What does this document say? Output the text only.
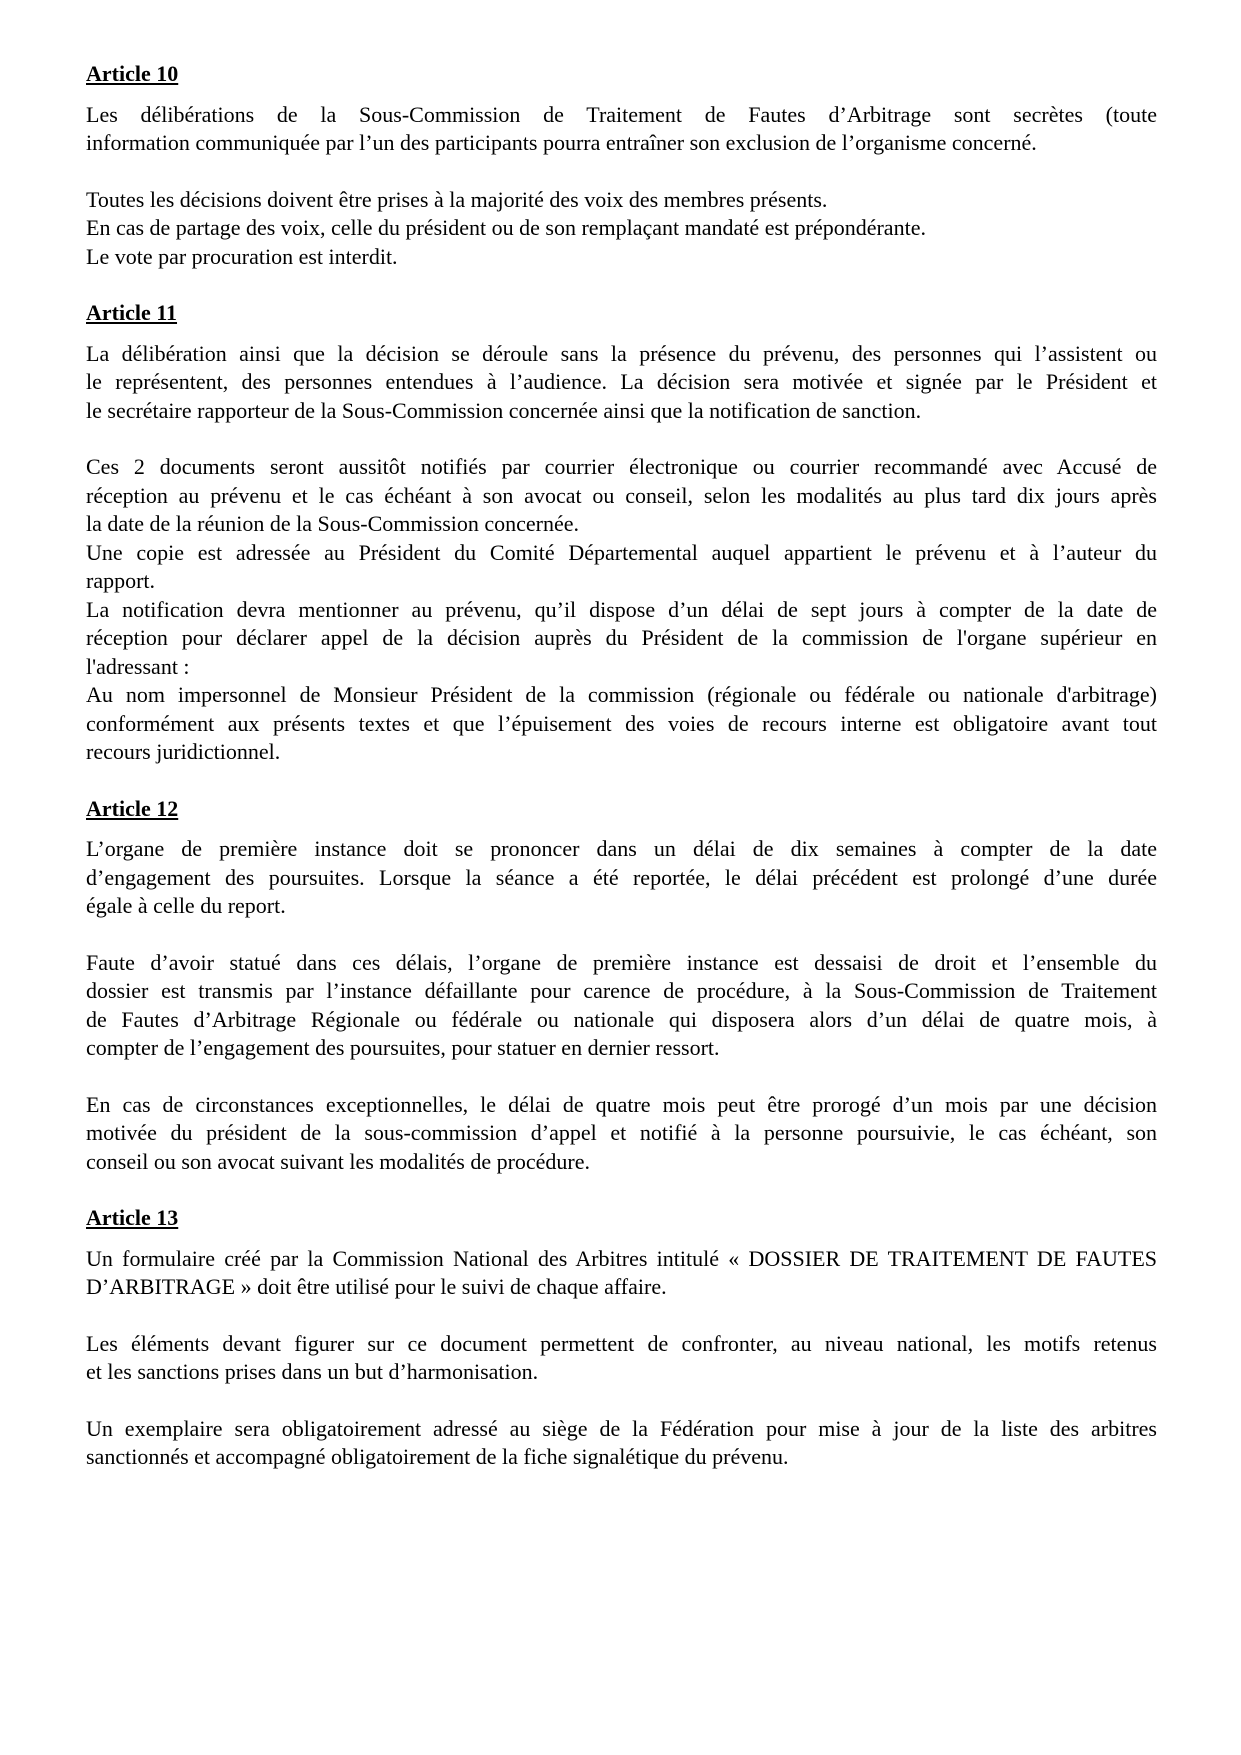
Article 10
Les délibérations de la Sous-Commission de Traitement de Fautes d’Arbitrage sont secrètes (toute
information communiquée par l’un des participants pourra entraîner son exclusion de l’organisme concerné.
Toutes les décisions doivent être prises à la majorité des voix des membres présents.
En cas de partage des voix, celle du président ou de son remplaçant mandaté est prépondérante.
Le vote par procuration est interdit.
Article 11
La délibération ainsi que la décision se déroule sans la présence du prévenu, des personnes qui l’assistent ou
le représentent, des personnes entendues à l’audience. La décision sera motivée et signée par le Président et
le secrétaire rapporteur de la Sous-Commission concernée ainsi que la notification de sanction.
Ces 2 documents seront aussitôt notifiés par courrier électronique ou courrier recommandé avec Accusé de
réception au prévenu et le cas échéant à son avocat ou conseil, selon les modalités au plus tard dix jours après
la date de la réunion de la Sous-Commission concernée.
Une copie est adressée au Président du Comité Départemental auquel appartient le prévenu et à l’auteur du
rapport.
La notification devra mentionner au prévenu, qu’il dispose d’un délai de sept jours à compter de la date de
réception pour déclarer appel de la décision auprès du Président de la commission de l'organe supérieur en
l'adressant :
Au nom impersonnel de Monsieur Président de la commission (régionale ou fédérale ou nationale d'arbitrage)
conformément aux présents textes et que l’épuisement des voies de recours interne est obligatoire avant tout
recours juridictionnel.
Article 12
L’organe de première instance doit se prononcer dans un délai de dix semaines à compter de la date
d’engagement des poursuites. Lorsque la séance a été reportée, le délai précédent est prolongé d’une durée
égale à celle du report.
Faute d’avoir statué dans ces délais, l’organe de première instance est dessaisi de droit et l’ensemble du
dossier est transmis par l’instance défaillante pour carence de procédure, à la Sous-Commission de Traitement
de Fautes d’Arbitrage Régionale ou fédérale ou nationale qui disposera alors d’un délai de quatre mois, à
compter de l’engagement des poursuites, pour statuer en dernier ressort.
En cas de circonstances exceptionnelles, le délai de quatre mois peut être prorogé d’un mois par une décision
motivée du président de la sous-commission d’appel et notifié à la personne poursuivie, le cas échéant, son
conseil ou son avocat suivant les modalités de procédure.
Article 13
Un formulaire créé par la Commission National des Arbitres intitulé « DOSSIER DE TRAITEMENT DE FAUTES
D’ARBITRAGE » doit être utilisé pour le suivi de chaque affaire.
Les éléments devant figurer sur ce document permettent de confronter, au niveau national, les motifs retenus
et les sanctions prises dans un but d’harmonisation.
Un exemplaire sera obligatoirement adressé au siège de la Fédération pour mise à jour de la liste des arbitres
sanctionnés et accompagné obligatoirement de la fiche signalétique du prévenu.
